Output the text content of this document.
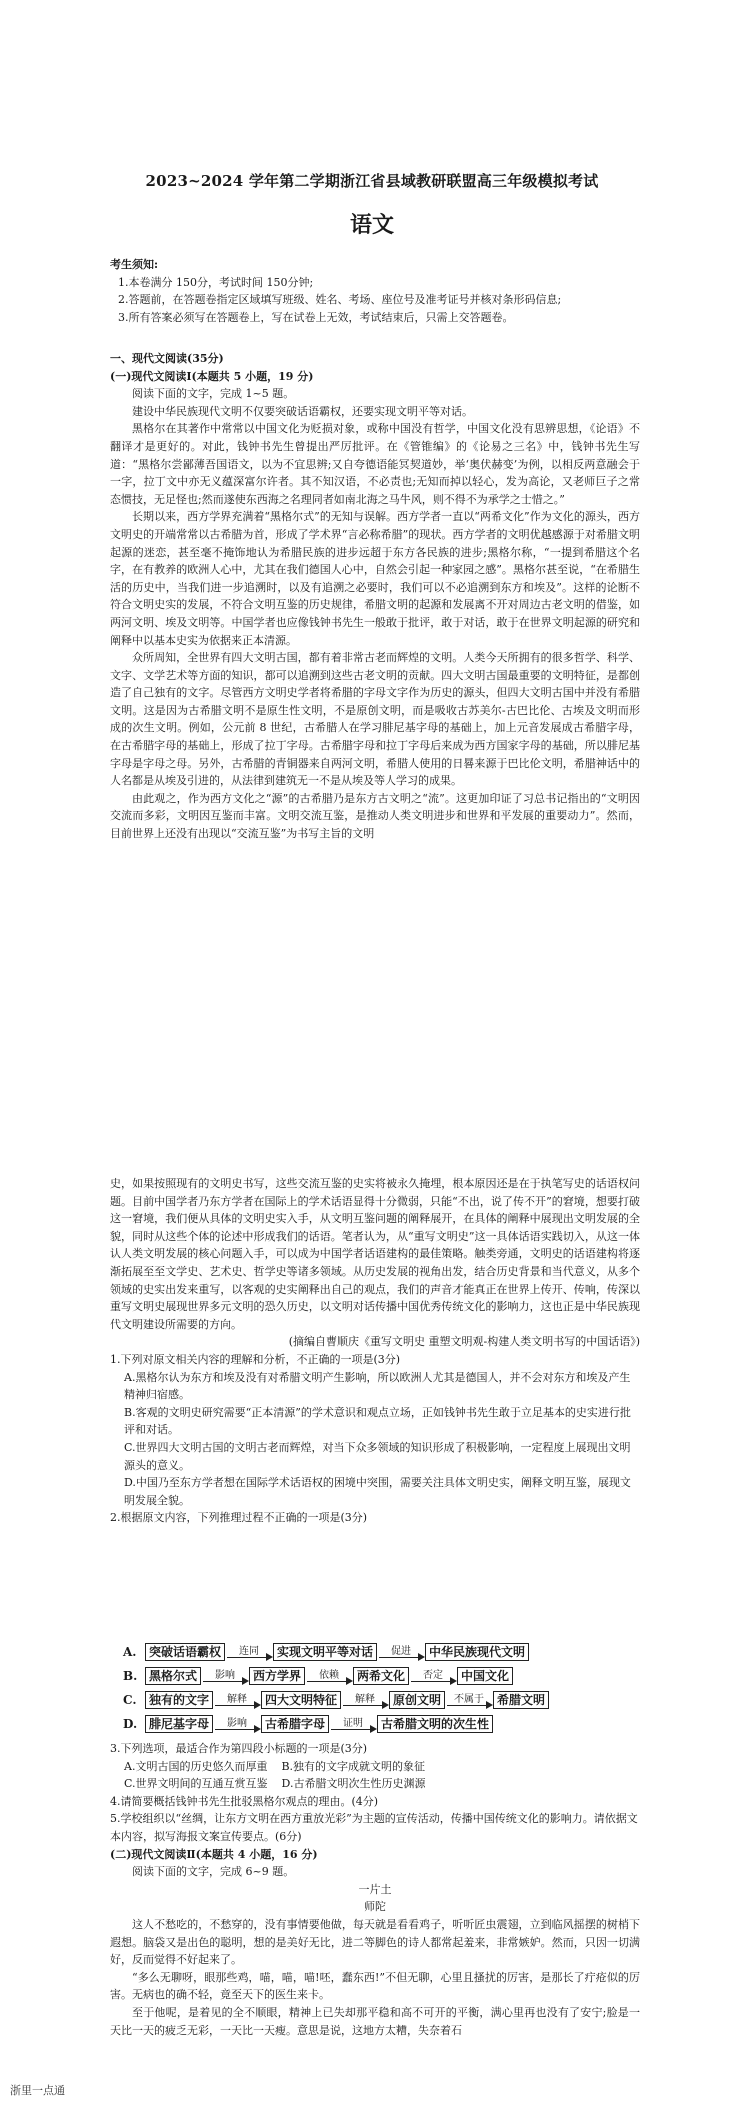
2023~2024 学年第二学期浙江省县域教研联盟高三年级模拟考试
语文
考生须知:

1.本卷满分 150分，考试时间 150分钟;

2.答题前，在答题卷指定区域填写班级、姓名、考场、座位号及准考证号并核对条形码信息;

3.所有答案必须写在答题卷上，写在试卷上无效，考试结束后，只需上交答题卷。

一、现代文阅读(35分)

(一)现代文阅读Ⅰ(本题共 5 小题，19 分)

阅读下面的文字，完成 1~5 题。

建设中华民族现代文明不仅要突破话语霸权，还要实现文明平等对话。

黑格尔在其著作中常常以中国文化为贬损对象，或称中国没有哲学，中国文化没有思辨思想，《论语》不翻译才是更好的。对此，钱钟书先生曾提出严厉批评。在《管锥编》的《论易之三名》中，钱钟书先生写道：“黑格尔尝鄙薄吾国语文，以为不宜思辨;又自夸德语能冥契道妙，举‘奥伏赫变’为例，以相反两意融会于一字，拉丁文中亦无义蕴深富尔许者。其不知汉语，不必责也;无知而掉以轻心，发为高论，又老师巨子之常态惯技，无足怪也;然而遂使东西海之名理同者如南北海之马牛风，则不得不为承学之士惜之。”

长期以来，西方学界充满着“黑格尔式”的无知与误解。西方学者一直以“两希文化”作为文化的源头，西方文明史的开端常常以古希腊为首，形成了学术界“言必称希腊”的现状。西方学者的文明优越感源于对希腊文明起源的迷恋，甚至毫不掩饰地认为希腊民族的进步远超于东方各民族的进步;黑格尔称，“一提到希腊这个名字，在有教养的欧洲人心中，尤其在我们德国人心中，自然会引起一种家园之感”。黑格尔甚至说，“在希腊生活的历史中，当我们进一步追溯时，以及有追溯之必要时，我们可以不必追溯到东方和埃及”。这样的论断不符合文明史实的发展，不符合文明互鉴的历史规律，希腊文明的起源和发展离不开对周边古老文明的借鉴，如两河文明、埃及文明等。中国学者也应像钱钟书先生一般敢于批评，敢于对话，敢于在世界文明起源的研究和阐释中以基本史实为依据来正本清源。

众所周知，全世界有四大文明古国，都有着非常古老而辉煌的文明。人类今天所拥有的很多哲学、科学、文字、文学艺术等方面的知识，都可以追溯到这些古老文明的贡献。四大文明古国最重要的文明特征，是都创造了自己独有的文字。尽管西方文明史学者将希腊的字母文字作为历史的源头，但四大文明古国中并没有希腊文明。这是因为古希腊文明不是原生性文明，不是原创文明，而是吸收古苏美尔-古巴比伦、古埃及文明而形成的次生文明。例如，公元前 8 世纪，古希腊人在学习腓尼基字母的基础上，加上元音发展成古希腊字母，在古希腊字母的基础上，形成了拉丁字母。古希腊字母和拉丁字母后来成为西方国家字母的基础，所以腓尼基字母是字母之母。另外，古希腊的青铜器来自两河文明，希腊人使用的日晷来源于巴比伦文明，希腊神话中的人名都是从埃及引进的，从法律到建筑无一不是从埃及等人学习的成果。

由此观之，作为西方文化之“源”的古希腊乃是东方古文明之“流”。这更加印证了习总书记指出的“文明因交流而多彩，文明因互鉴而丰富。文明交流互鉴，是推动人类文明进步和世界和平发展的重要动力”。然而，目前世界上还没有出现以“交流互鉴”为书写主旨的文明

史，如果按照现有的文明史书写，这些交流互鉴的史实将被永久掩埋，根本原因还是在于执笔写史的话语权问题。目前中国学者乃东方学者在国际上的学术话语显得十分微弱，只能“不出，说了传不开”的窘境，想要打破这一窘境，我们便从具体的文明史实入手，从文明互鉴问题的阐释展开，在具体的阐释中展现出文明发展的全貌，同时从这些个体的论述中形成我们的话语。笔者认为，从“重写文明史”这一具体话语实践切入，从这一体认人类文明发展的核心问题入手，可以成为中国学者话语建构的最佳策略。触类旁通，文明史的话语建构将逐渐拓展至至文学史、艺术史、哲学史等诸多领域。从历史发展的视角出发，结合历史背景和当代意义，从多个领域的史实出发来重写，以客观的史实阐释出自己的观点，我们的声音才能真正在世界上传开、传响，传深以重写文明史展现世界多元文明的恐久历史，以文明对话传播中国优秀传统文化的影响力，这也正是中华民族现代文明建设所需要的方向。

(摘编自曹顺庆《重写文明史 重塑文明观-构建人类文明书写的中国话语》)

1.下列对原文相关内容的理解和分析，不正确的一项是(3分)

A.黑格尔认为东方和埃及没有对希腊文明产生影响，所以欧洲人尤其是德国人，并不会对东方和埃及产生精神归宿感。

B.客观的文明史研究需要“正本清源”的学术意识和观点立场，正如钱钟书先生敢于立足基本的史实进行批评和对话。

C.世界四大文明古国的文明古老而辉煌，对当下众多领域的知识形成了积极影响，一定程度上展现出文明源头的意义。

D.中国乃至东方学者想在国际学术话语权的困境中突围，需要关注具体文明史实，阐释文明互鉴，展现文明发展全貌。

2.根据原文内容，下列推理过程不正确的一项是(3分)

A.	突破话语霸权	连同	实现文明平等对话	促进	中华民族现代文明
B. 黑格尔式	影响	西方学界	依赖	两希文化	否定	中国文化
C.	独有的文字	解释	四大文明特征	解释	原创文明	不属于	希腊文明
D. 腓尼基字母	影响	古希腊字母	证明	古希腊文明的次生性

3.下列选项，最适合作为第四段小标题的一项是(3分)

A.文明古国的历史悠久而厚重 B.独有的文字成就文明的象征

C.世界文明间的互通互赏互鉴 D.古希腊文明次生性历史渊源

4.请简要概括钱钟书先生批驳黑格尔观点的理由。(4分)

5.学校组织以“丝绸，让东方文明在西方重放光彩”为主题的宣传活动，传播中国传统文化的影响力。请依据文本内容，拟写海报文案宣传要点。(6分)

(二)现代文阅读Ⅱ(本题共 4 小题，16 分)

阅读下面的文字，完成 6~9 题。

一片土

师陀

这人不愁吃的，不愁穿的，没有事情要他做，每天就是看看鸡子，听听匠虫震翅，立到临风摇摆的树梢下遐想。脑袋又是出色的聪明，想的是美好无比，进二等脚色的诗人都常起羞来，非常嫉妒。然而，只因一切满好，反而觉得不好起来了。

“多么无聊呀，眼那些鸡，喵，喵，喵!呸，蠢东西!”不但无聊，心里且搔扰的厉害，是那长了疔疮似的厉害。无病也的确不轻，竟至天下的医生来卡。

至于他呢，是着见的全不顺眼，精神上已失却那平稳和高不可开的平衡，满心里再也没有了安宁;脸是一天比一天的疲乏无彩，一天比一天瘦。意思是说，这地方太糟，失奈着石

浙里一点通
